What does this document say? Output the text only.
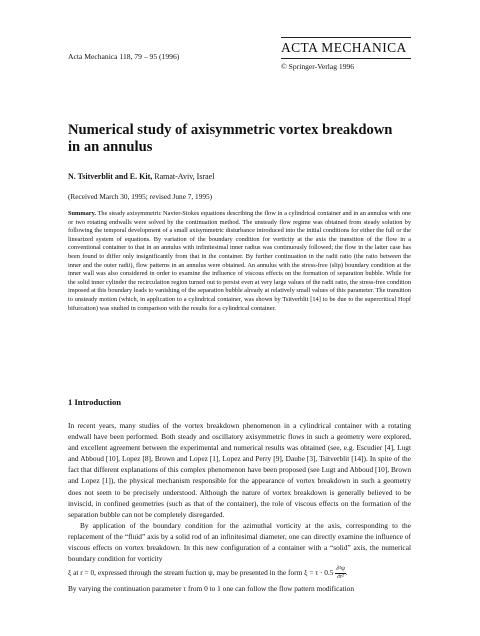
Acta Mechanica 118, 79 – 95 (1996)
ACTA MECHANICA
© Springer-Verlag 1996
Numerical study of axisymmetric vortex breakdown
in an annulus
N. Tsitverblit and E. Kit, Ramat-Aviv, Israel
(Received March 30, 1995; revised June 7, 1995)

Summary. The steady axisymmetric Navier-Stokes equations describing the flow in a cylindrical container and in an annulus with one or two rotating endwalls were solved by the continuation method. The unsteady flow regime was obtained from steady solution by following the temporal development of a small axisymmetric disturbance introduced into the initial conditions for either the full or the linearized system of equations. By variation of the boundary condition for vorticity at the axis the transition of the flow in a conventional container to that in an annulus with infinitesimal inner radius was continuously followed; the flow in the latter case has been found to differ only insignificantly from that in the container. By further continuation in the radii ratio (the ratio between the inner and the outer radii), flow patterns in an annulus were obtained. An annulus with the stress-free (slip) boundary condition at the inner wall was also considered in order to examine the influence of viscous effects on the formation of separation bubble. While for the solid inner cylinder the recirculation region turned out to persist even at very large values of the radii ratio, the stress-free condition imposed at this boundary leads to vanishing of the separation bubble already at relatively small values of this parameter. The transition to unsteady motion (which, in application to a cylindrical container, was shown by Tsitverblit [14] to be due to the supercritical Hopf bifurcation) was studied in comparison with the results for a cylindrical container.

1 Introduction

In recent years, many studies of the vortex breakdown phenomenon in a cylindrical container with a rotating endwall have been performed. Both steady and oscillatory axisymmetric flows in such a geometry were explored, and excellent agreement between the experimental and numerical results was obtained (see, e.g. Escudier [4], Lugt and Abboud [10], Lopez [8], Brown and Lopez [1], Lopez and Perry [9], Daube [3], Tsitverblit [14]). In spite of the fact that different explanations of this complex phenomenon have been proposed (see Lugt and Abboud [10], Brown and Lopez [1]), the physical mechanism responsible for the appearance of vortex breakdown in such a geometry does not seem to be precisely understood. Although the nature of vortex breakdown is generally believed to be inviscid, in confined geometries (such as that of the container), the role of viscous effects on the formation of the separation bubble can not be completely disregarded.

By application of the boundary condition for the azimuthal vorticity at the axis, corresponding to the replacement of the “fluid” axis by a solid rod of an infinitesimal diameter, one can directly examine the influence of viscous effects on vortex breakdown. In this new configuration of a container with a “solid” axis, the numerical boundary condition for vorticity

ξ at r = 0, expressed through the stream fuction ψ, may be presented in the form $\xi = \tau \cdot 0.5 \frac{\text{∂²ψ}}{\text{∂r²}}$ .

By varying the continuation parameter τ from 0 to 1 one can follow the flow pattern modification
